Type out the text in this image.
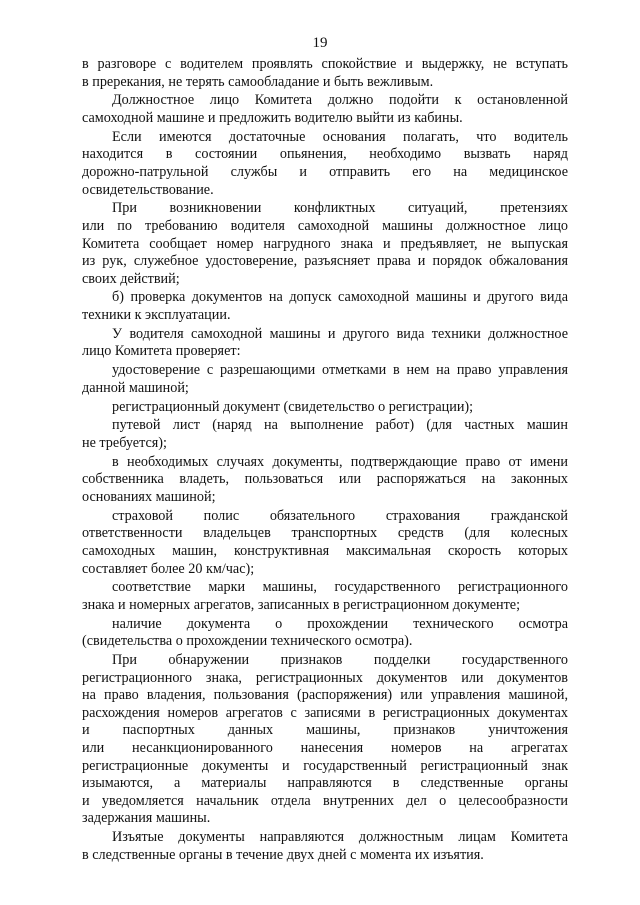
19
в разговоре с водителем проявлять спокойствие и выдержку, не вступать
в пререкания, не терять самообладание и быть вежливым.
Должностное лицо Комитета должно подойти к остановленной
самоходной машине и предложить водителю выйти из кабины.
Если имеются достаточные основания полагать, что водитель
находится в состоянии опьянения, необходимо вызвать наряд
дорожно-патрульной службы и отправить его на медицинское
освидетельствование.
При возникновении конфликтных ситуаций, претензиях
или по требованию водителя самоходной машины должностное лицо
Комитета сообщает номер нагрудного знака и предъявляет, не выпуская
из рук, служебное удостоверение, разъясняет права и порядок обжалования
своих действий;
б) проверка документов на допуск самоходной машины и другого вида
техники к эксплуатации.
У водителя самоходной машины и другого вида техники должностное
лицо Комитета проверяет:
удостоверение с разрешающими отметками в нем на право управления
данной машиной;
регистрационный документ (свидетельство о регистрации);
путевой лист (наряд на выполнение работ) (для частных машин
не требуется);
в необходимых случаях документы, подтверждающие право от имени
собственника владеть, пользоваться или распоряжаться на законных
основаниях машиной;
страховой полис обязательного страхования гражданской
ответственности владельцев транспортных средств (для колесных
самоходных машин, конструктивная максимальная скорость которых
составляет более 20 км/час);
соответствие марки машины, государственного регистрационного
знака и номерных агрегатов, записанных в регистрационном документе;
наличие документа о прохождении технического осмотра
(свидетельства о прохождении технического осмотра).
При обнаружении признаков подделки государственного
регистрационного знака, регистрационных документов или документов
на право владения, пользования (распоряжения) или управления машиной,
расхождения номеров агрегатов с записями в регистрационных документах
и паспортных данных машины, признаков уничтожения
или несанкционированного нанесения номеров на агрегатах
регистрационные документы и государственный регистрационный знак
изымаются, а материалы направляются в следственные органы
и уведомляется начальник отдела внутренних дел о целесообразности
задержания машины.
Изъятые документы направляются должностным лицам Комитета
в следственные органы в течение двух дней с момента их изъятия.
